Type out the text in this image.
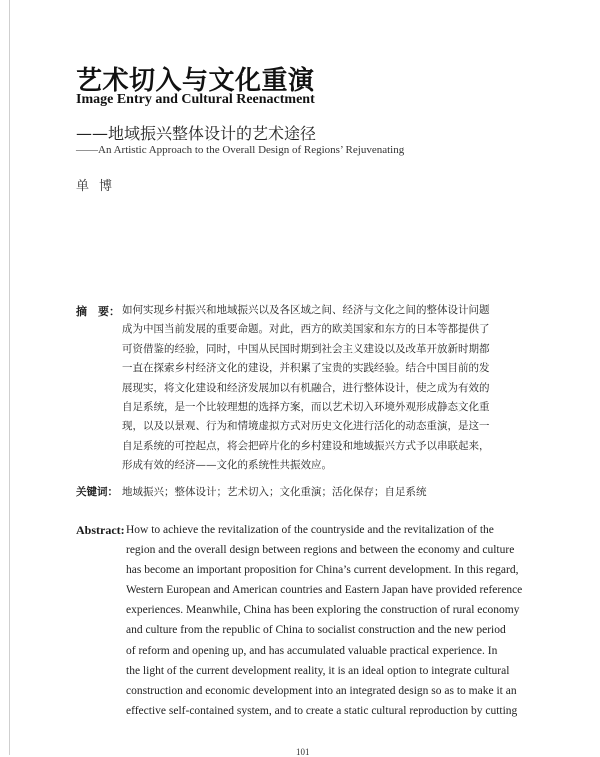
艺术切入与文化重演
Image Entry and Cultural Reenactment
——地域振兴整体设计的艺术途径
——An Artistic Approach to the Overall Design of Regions’ Rejuvenating
单博
摘　要： 如何实现乡村振兴和地域振兴以及各区域之间、经济与文化之间的整体设计问题
成为中国当前发展的重要命题。对此，西方的欧美国家和东方的日本等都提供了
可资借鉴的经验，同时，中国从民国时期到社会主义建设以及改革开放新时期都
一直在探索乡村经济文化的建设，并积累了宝贵的实践经验。结合中国目前的发
展现实，将文化建设和经济发展加以有机融合，进行整体设计，使之成为有效的
自足系统，是一个比较理想的选择方案，而以艺术切入环境外观形成静态文化重
现，以及以景观、行为和情境虚拟方式对历史文化进行活化的动态重演，是这一
自足系统的可控起点，将会把碎片化的乡村建设和地域振兴方式予以串联起来，
形成有效的经济——文化的系统性共振效应。
关键词： 地域振兴；整体设计；艺术切入；文化重演；活化保存；自足系统
Abstract: How to achieve the revitalization of the countryside and the revitalization of the
region and the overall design between regions and between the economy and culture
has become an important proposition for China’s current development. In this regard,
Western European and American countries and Eastern Japan have provided reference
experiences. Meanwhile, China has been exploring the construction of rural economy
and culture from the republic of China to socialist construction and the new period
of reform and opening up, and has accumulated valuable practical experience. In
the light of the current development reality, it is an ideal option to integrate cultural
construction and economic development into an integrated design so as to make it an
effective self-contained system, and to create a static cultural reproduction by cutting
101
